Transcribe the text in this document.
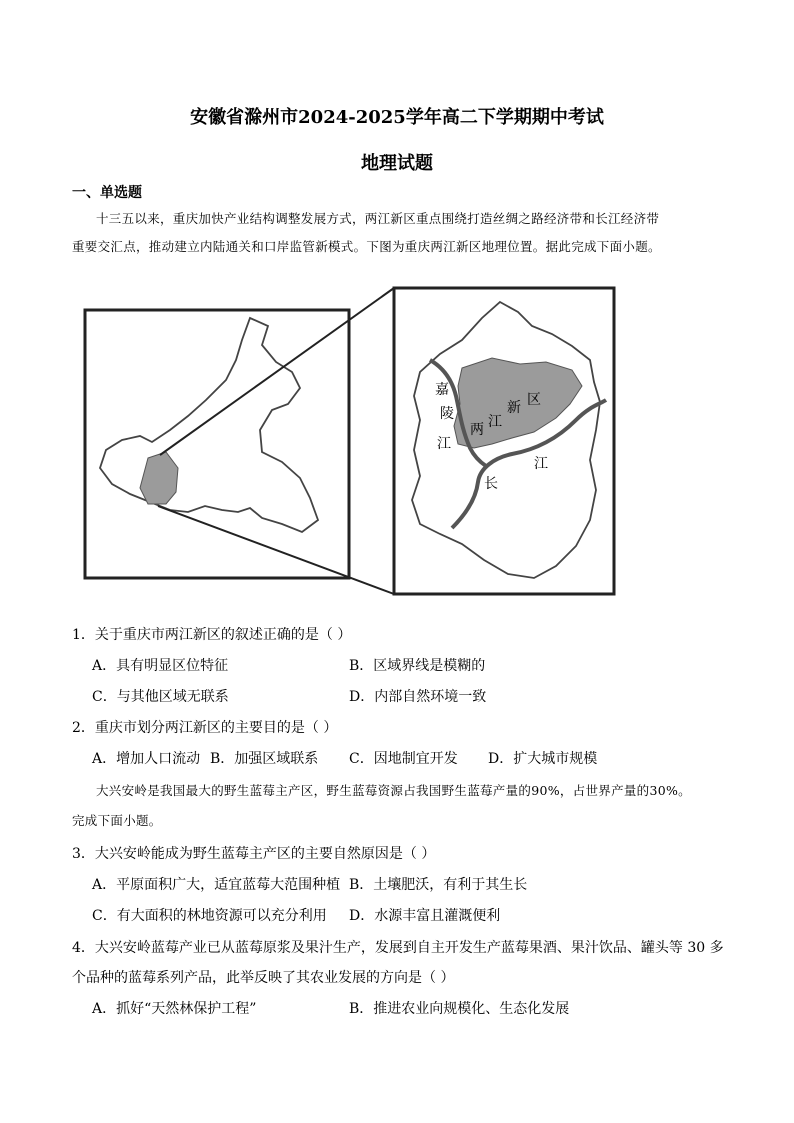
安徽省滁州市2024-2025学年高二下学期期中考试
地理试题
一、单选题
十三五以来，重庆加快产业结构调整发展方式，两江新区重点围绕打造丝绸之路经济带和长江经济带
重要交汇点，推动建立内陆通关和口岸监管新模式。下图为重庆两江新区地理位置。据此完成下面小题。
嘉
陵
江
两 江
新 区
江
长
1．关于重庆市两江新区的叙述正确的是（ ）
A．具有明显区位特征	B．区域界线是模糊的
C．与其他区域无联系	D．内部自然环境一致
2．重庆市划分两江新区的主要目的是（ ）
A．增加人口流动 B．加强区域联系 C．因地制宜开发 D．扩大城市规模
大兴安岭是我国最大的野生蓝莓主产区，野生蓝莓资源占我国野生蓝莓产量的90%，占世界产量的30%。
完成下面小题。
3．大兴安岭能成为野生蓝莓主产区的主要自然原因是（ ）
A．平原面积广大，适宜蓝莓大范围种植 B．土壤肥沃，有利于其生长
C．有大面积的林地资源可以充分利用 D．水源丰富且灌溉便利
4．大兴安岭蓝莓产业已从蓝莓原浆及果汁生产，发展到自主开发生产蓝莓果酒、果汁饮品、罐头等 30 多
个品种的蓝莓系列产品，此举反映了其农业发展的方向是（ ）
A．抓好“天然林保护工程”	B．推进农业向规模化、生态化发展
